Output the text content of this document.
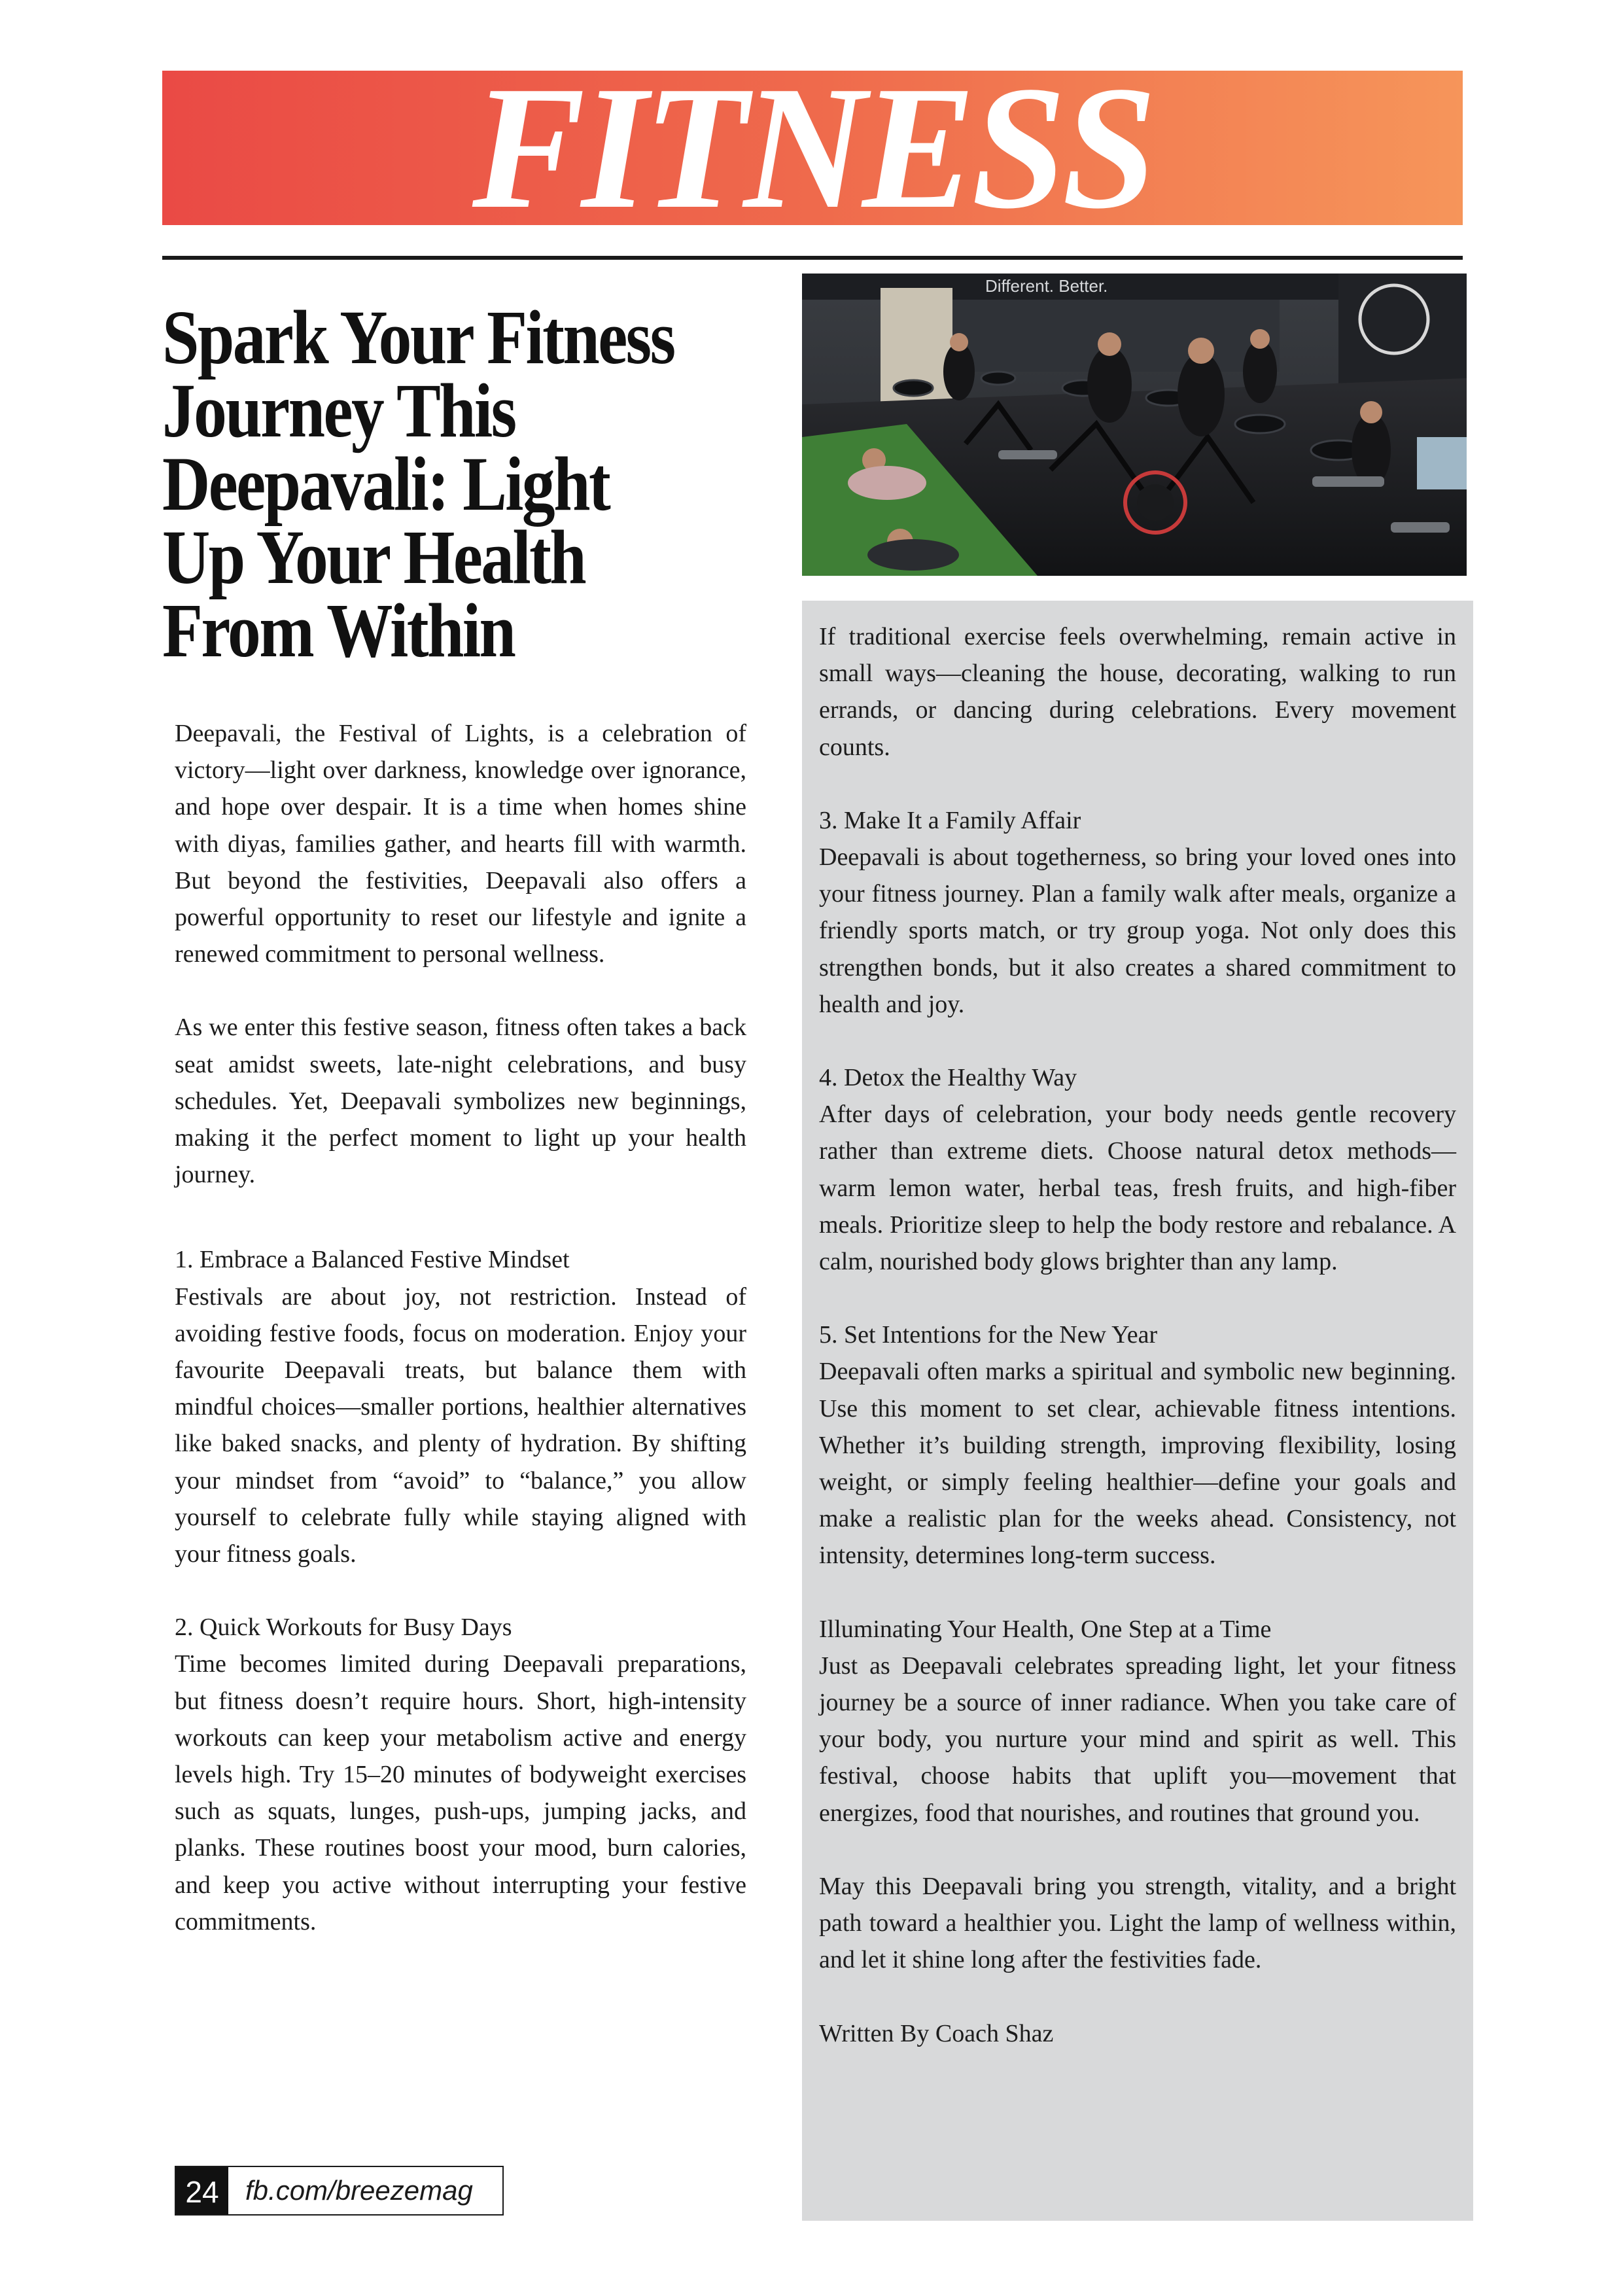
FITNESS
Spark Your Fitness Journey This Deepavali: Light Up Your Health From Within

Deepavali, the Festival of Lights, is a celebration of victory—light over darkness, knowledge over ignorance, and hope over despair. It is a time when homes shine with diyas, families gather, and hearts fill with warmth. But beyond the festivities, Deepavali also offers a powerful opportunity to reset our lifestyle and ignite a renewed commitment to personal wellness.

As we enter this festive season, fitness often takes a back seat amidst sweets, late-night celebrations, and busy schedules. Yet, Deepavali symbolizes new beginnings, making it the perfect moment to light up your health journey.

1. Embrace a Balanced Festive Mindset

Festivals are about joy, not restriction. Instead of avoiding festive foods, focus on moderation. Enjoy your favourite Deepavali treats, but balance them with mindful choices—smaller portions, healthier alternatives like baked snacks, and plenty of hydration. By shifting your mindset from “avoid” to “balance,” you allow yourself to celebrate fully while staying aligned with your fitness goals.

2. Quick Workouts for Busy Days

Time becomes limited during Deepavali preparations, but fitness doesn’t require hours. Short, high-intensity workouts can keep your metabolism active and energy levels high. Try 15–20 minutes of bodyweight exercises such as squats, lunges, push-ups, jumping jacks, and planks. These routines boost your mood, burn calories, and keep you active without interrupting your festive commitments.

Different. Better.

If traditional exercise feels overwhelming, remain active in small ways—cleaning the house, decorating, walking to run errands, or dancing during celebrations. Every movement counts.

3. Make It a Family Affair

Deepavali is about togetherness, so bring your loved ones into your fitness journey. Plan a family walk after meals, organize a friendly sports match, or try group yoga. Not only does this strengthen bonds, but it also creates a shared commitment to health and joy.

4. Detox the Healthy Way

After days of celebration, your body needs gentle recovery rather than extreme diets. Choose natural detox methods—warm lemon water, herbal teas, fresh fruits, and high-fiber meals. Prioritize sleep to help the body restore and rebalance. A calm, nourished body glows brighter than any lamp.

5. Set Intentions for the New Year

Deepavali often marks a spiritual and symbolic new beginning. Use this moment to set clear, achievable fitness intentions. Whether it’s building strength, improving flexibility, losing weight, or simply feeling healthier—define your goals and make a realistic plan for the weeks ahead. Consistency, not intensity, determines long-term success.

Illuminating Your Health, One Step at a Time

Just as Deepavali celebrates spreading light, let your fitness journey be a source of inner radiance. When you take care of your body, you nurture your mind and spirit as well. This festival, choose habits that uplift you—movement that energizes, food that nourishes, and routines that ground you.

May this Deepavali bring you strength, vitality, and a bright path toward a healthier you. Light the lamp of wellness within, and let it shine long after the festivities fade.

Written By Coach Shaz

24 fb.com/breezemag
